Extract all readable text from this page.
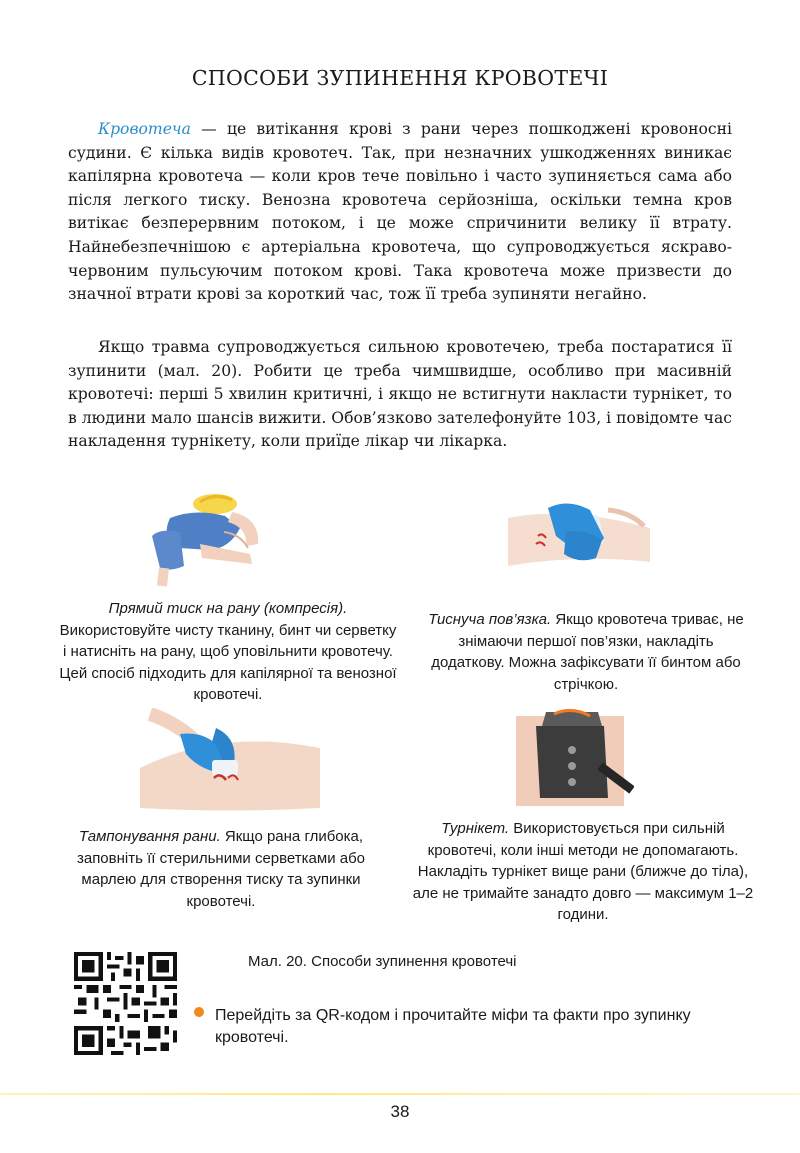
СПОСОБИ ЗУПИНЕННЯ КРОВОТЕЧІ

Кровотеча — це витікання крові з рани через пошкоджені кровоносні судини. Є кілька видів кровотеч. Так, при незначних ушкодженнях виникає капілярна кровотеча — коли кров тече повільно і часто зупиняється сама або після легкого тиску. Венозна кровотеча серйозніша, оскільки темна кров витікає безперервним потоком, і це може спричинити велику її втрату. Найнебезпечнішою є артеріальна кровотеча, що супроводжується яскраво-червоним пульсуючим потоком крові. Така кровотеча може призвести до значної втрати крові за короткий час, тож її треба зупиняти негайно.

Якщо травма супроводжується сильною кровотечею, треба постаратися її зупинити (мал. 20). Робити це треба чимшвидше, особливо при масивній кровотечі: перші 5 хвилин критичні, і якщо не встигнути накласти турнікет, то в людини мало шансів вижити. Обов’язково зателефонуйте 103, і повідомте час накладення турнікету, коли приїде лікар чи лікарка.

Прямий тиск на рану (компресія).
Використовуйте чисту тканину, бинт чи серветку і натисніть на рану, щоб уповільнити кровотечу. Цей спосіб підходить для капілярної та венозної кровотечі.
Тиснуча пов’язка. Якщо кровотеча триває, не знімаючи першої пов’язки, накладіть додаткову. Можна зафіксувати її бинтом або стрічкою.
Тампонування рани. Якщо рана глибока, заповніть її стерильними серветками або марлею для створення тиску та зупинки кровотечі.
Турнікет. Використовується при сильній кровотечі, коли інші методи не допомагають. Накладіть турнікет вище рани (ближче до тіла), але не тримайте занадто довго — максимум 1–2 години.
Мал. 20. Способи зупинення кровотечі
Перейдіть за QR-кодом і прочитайте міфи та факти про зупинку кровотечі.
38
